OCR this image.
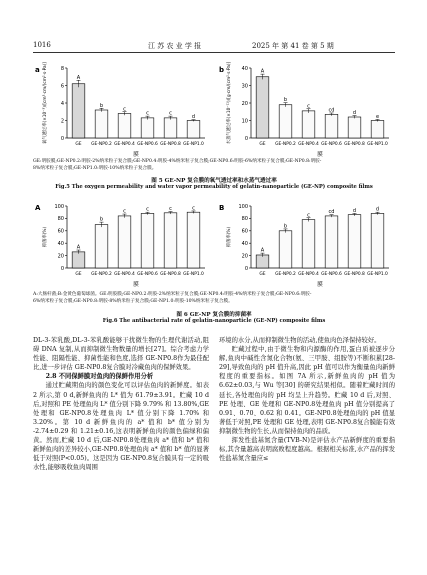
1016	江 苏 农 业 学 报	2025 年 第 41 卷 第 5 期
a
0
2
4
6
8
氧气透过率(×10⁻³)/[cm³·cm/(cm²·s·Pa)]	A
GE
b
GE-NP0.2
c
GE-NP0.4
c
GE-NP0.6
c
GE-NP0.8
d
GE-NP1.0
膜
b
0
10
20
30
40
水蒸气透过率(×10⁻¹¹)/[g·cm/(cm²·s·Pa)]	A
GE
b
GE-NP0.2
c
GE-NP0.4
cd
GE-NP0.6
d
GE-NP0.8
e
GE-NP1.0
膜
GE:明胶膜;GE-NP0.2:明胶-2%纳米粒子复合膜;GE-NP0.4:明胶-4%纳米粒子复合膜;GE-NP0.6:明胶-6%纳米粒子复合膜;GE-NP0.8:明胶-
8%纳米粒子复合膜;GE-NP1.0:明胶-10%纳米粒子复合膜。
图 5 GE-NP 复合膜的氧气透过率和水蒸气透过率
Fig.5 The oxygen permeability and water vapor permeability of gelatin-nanoparticle (GE-NP) composite films
A
0
20
40
60
80
100
抑菌率(%)
A
GE
b
GE-NP0.2
c
GE-NP0.4
c
GE-NP0.6
c
GE-NP0.8
c
GE-NP1.0
膜
B
0
20
40
60
80
100
抑菌率(%)
A
GE
b
GE-NP0.2
c
GE-NP0.4
cd
GE-NP0.6
d
GE-NP0.8
d
GE-NP1.0
膜
A:大肠杆菌;B:金黄色葡萄球菌。GE:明胶膜;GE-NP0.2:明胶-2%纳米粒子复合膜;GE-NP0.4:明胶-4%纳米粒子复合膜;GE-NP0.6:明胶-
6%纳米粒子复合膜;GE-NP0.8:明胶-8%纳米粒子复合膜;GE-NP1.0:明胶-10%纳米粒子复合膜。
图 6 GE-NP 复合膜的抑菌率
Fig.6 The antibacterial rate of gelatin-nanoparticle (GE-NP) composite films

DL-3-苯乳酸,DL-3-苯乳酸能够干扰微生物的生理代谢活动,阻碍 DNA 复制,从而抑制微生物数量的增长[27]。综合考虑力学性能、阻隔性能、抑菌性能和色度,选择 GE-NP0.8作为最佳配比,进一步评估 GE-NP0.8复合膜对冷藏鱼肉的保鲜效果。

2.8 不同保鲜膜对鱼肉的保鲜作用分析

通过贮藏期鱼肉的颜色变化可以评估鱼肉的新鲜度。如表 2 所示,第 0 d,新鲜鱼肉的 L* 值为 61.79±3.91。贮藏 10 d 后,对照和 PE 处理鱼肉 L* 值分别下降 9.79% 和 13.80%,GE 处理和 GE-NP0.8处理鱼肉 L* 值分别下降 1.70% 和 3.20%。第 10 d 新鲜鱼肉的 a* 值和 b* 值分别为 -2.74±0.29 和 1.21±0.16,这表明新鲜鱼肉的颜色偏绿和偏黄。然而,贮藏 10 d 后,GE-NP0.8处理鱼肉 a* 值和 b* 值和新鲜鱼肉的差异较小,GE-NP0.8处理鱼肉 a* 值和 b* 值的显著低于对照(P<0.05)。这是因为 GE-NP0.8复合膜具有一定的吸水性,能够吸收鱼肉周围

环境的水分,从而抑制微生物的活动,使鱼肉色泽保持较好。

贮藏过程中,由于微生物和内源酶的作用,蛋白质被逐步分解,鱼肉中碱性含氮化合物(氨、三甲胺、组胺等)不断积累[28-29],导致鱼肉的 pH 值升高,因此 pH 值可以作为衡量鱼肉新鲜程度的重要指标。如图 7A 所示,新鲜鱼肉的 pH 值为 6.62±0.03,与 Wu 等[30] 的研究结果相似。随着贮藏时间的延长,各处理鱼肉的 pH 均呈上升趋势。贮藏 10 d 后,对照、PE 处理、GE 处理和 GE-NP0.8处理鱼肉 pH 值分别提高了 0.91、0.70、0.62 和 0.41。GE-NP0.8处理鱼肉的 pH 值显著低于对照,PE 处理和 GE 处理,表明 GE-NP0.8复合膜能有效抑制微生物的生长,从而保持鱼肉的品质。

挥发性盐基氮含量(TVB-N)是评估水产品新鲜度的重要指标,其含量越高表明腐败程度越高。根据相关标准,水产品的挥发性盐基氮含量应≤
